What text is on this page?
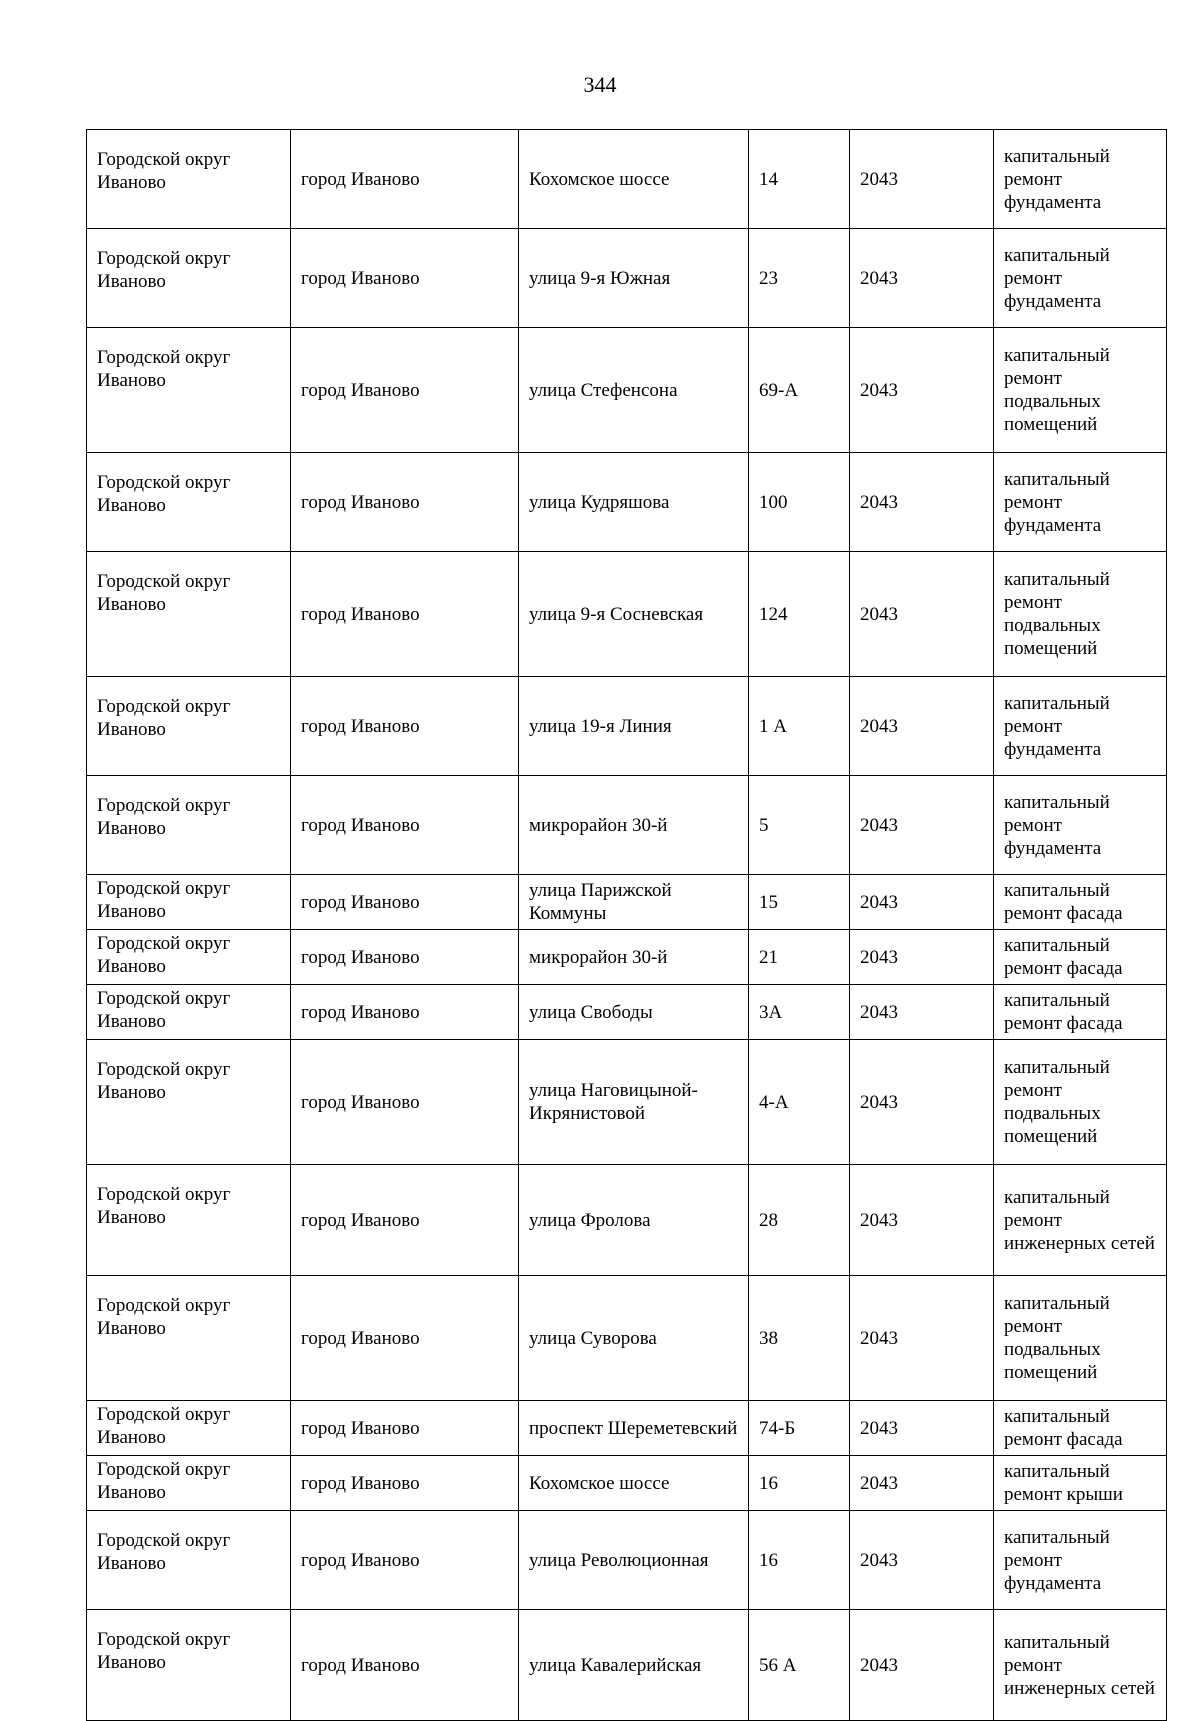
344
Городской округ Иваново	город Иваново	Кохомское шоссе	14	2043	капитальный ремонт фундамента
Городской округ Иваново	город Иваново	улица 9-я Южная	23	2043	капитальный ремонт фундамента
Городской округ Иваново	город Иваново	улица Стефенсона	69-А	2043	капитальный ремонт подвальных помещений
Городской округ Иваново	город Иваново	улица Кудряшова	100	2043	капитальный ремонт фундамента
Городской округ Иваново	город Иваново	улица 9-я Сосневская	124	2043	капитальный ремонт подвальных помещений
Городской округ Иваново	город Иваново	улица 19-я Линия	1 А	2043	капитальный ремонт фундамента
Городской округ Иваново	город Иваново	микрорайон 30-й	5	2043	капитальный ремонт фундамента
Городской округ Иваново	город Иваново	улица Парижской Коммуны	15	2043	капитальный ремонт фасада
Городской округ Иваново	город Иваново	микрорайон 30-й	21	2043	капитальный ремонт фасада
Городской округ Иваново	город Иваново	улица Свободы	3А	2043	капитальный ремонт фасада
Городской округ Иваново	город Иваново	улица Наговицыной-Икрянистовой	4-А	2043	капитальный ремонт подвальных помещений
Городской округ Иваново	город Иваново	улица Фролова	28	2043	капитальный ремонт инженерных сетей
Городской округ Иваново	город Иваново	улица Суворова	38	2043	капитальный ремонт подвальных помещений
Городской округ Иваново	город Иваново	проспект Шереметевский	74-Б	2043	капитальный ремонт фасада
Городской округ Иваново	город Иваново	Кохомское шоссе	16	2043	капитальный ремонт крыши
Городской округ Иваново	город Иваново	улица Революционная	16	2043	капитальный ремонт фундамента
Городской округ Иваново	город Иваново	улица Кавалерийская	56 А	2043	капитальный ремонт инженерных сетей
